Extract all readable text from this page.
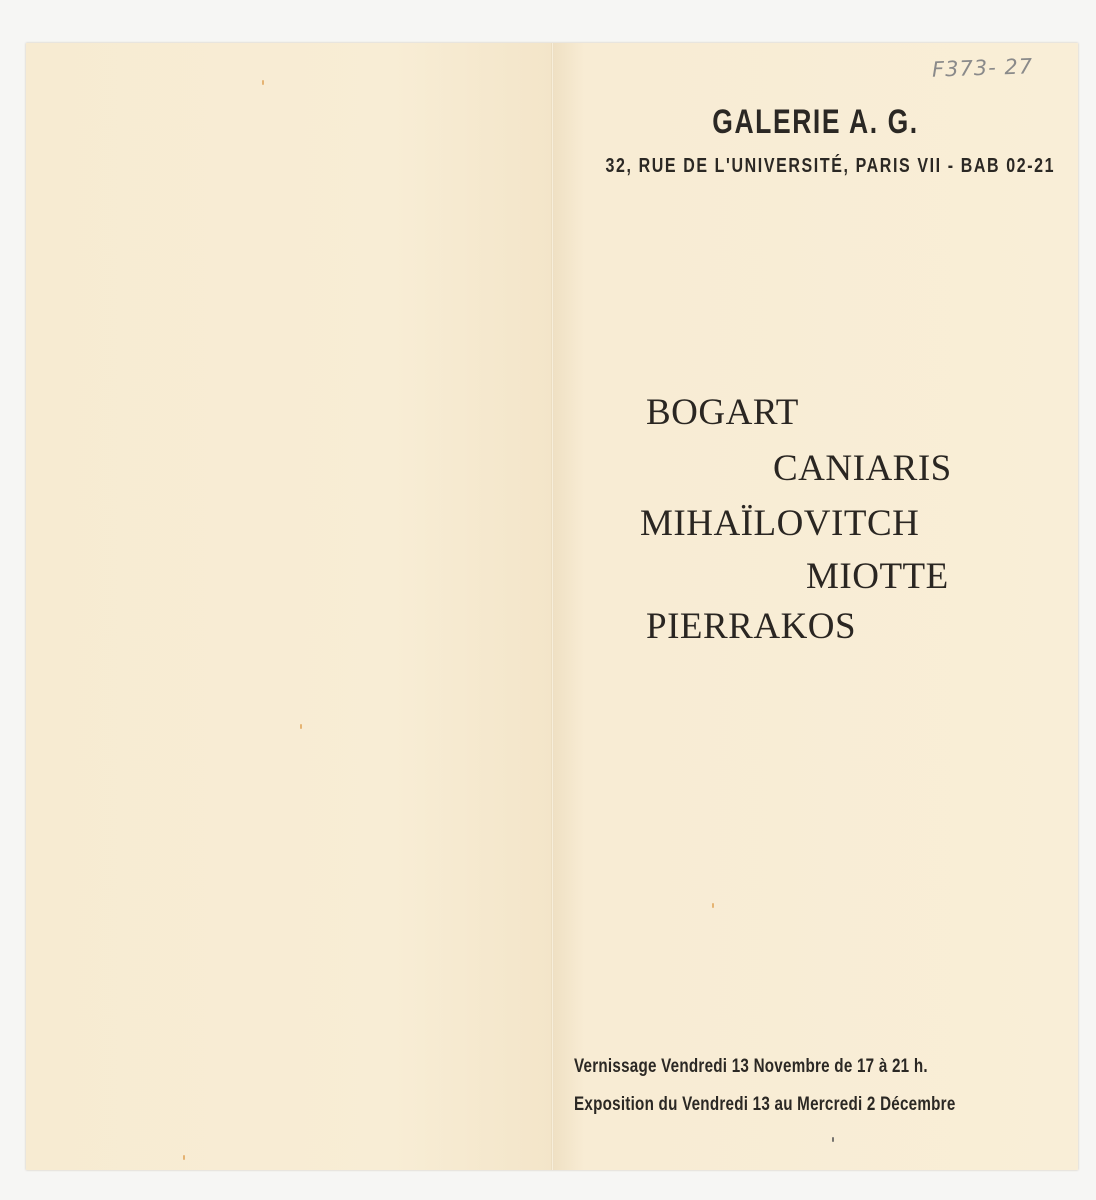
F373- 27
GALERIE A. G.
32, RUE DE L'UNIVERSITÉ, PARIS VII - BAB 02-21
BOGART
CANIARIS
MIHAÏLOVITCH
MIOTTE
PIERRAKOS
Vernissage Vendredi 13 Novembre de 17 à 21 h.
Exposition du Vendredi 13 au Mercredi 2 Décembre
